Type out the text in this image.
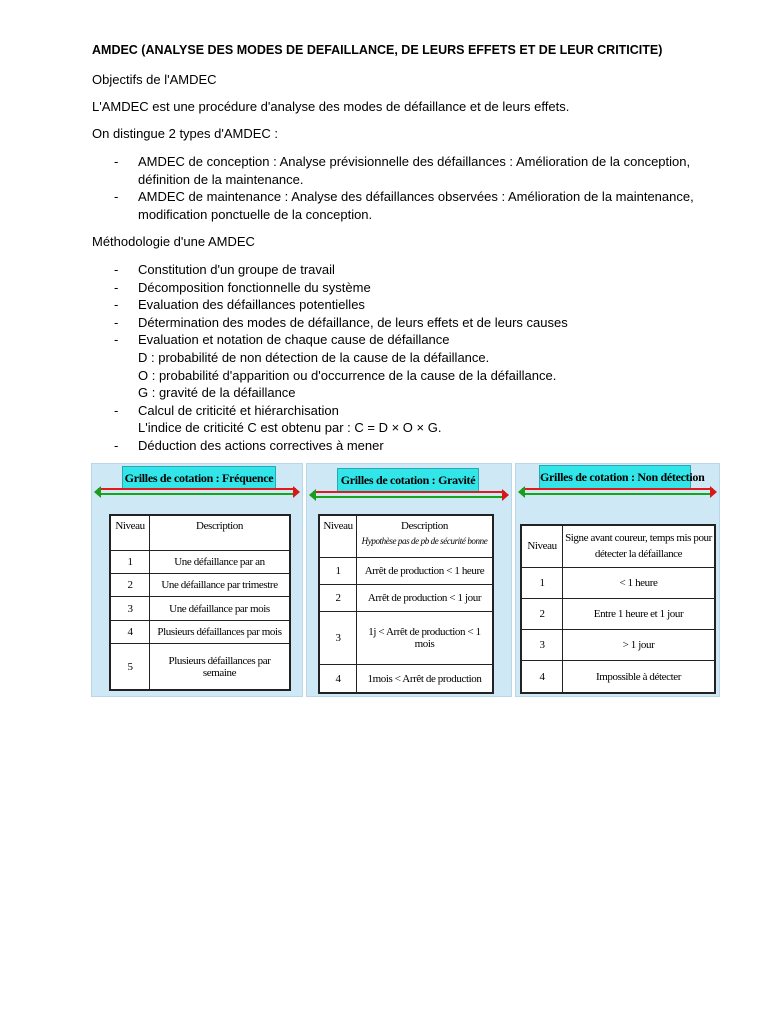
AMDEC (ANALYSE DES MODES DE DEFAILLANCE, DE LEURS EFFETS ET DE LEUR CRITICITE)
Objectifs de l'AMDEC
L'AMDEC est une procédure d'analyse des modes de défaillance et de leurs effets.
On distingue 2 types d'AMDEC :
- AMDEC de conception : Analyse prévisionnelle des défaillances : Amélioration de la conception,
définition de la maintenance.
- AMDEC de maintenance : Analyse des défaillances observées : Amélioration de la maintenance,
modification ponctuelle de la conception.
Méthodologie d'une AMDEC
- Constitution d'un groupe de travail
- Décomposition fonctionnelle du système
- Evaluation des défaillances potentielles
- Détermination des modes de défaillance, de leurs effets et de leurs causes
- Evaluation et notation de chaque cause de défaillance
D : probabilité de non détection de la cause de la défaillance.
O : probabilité d'apparition ou d'occurrence de la cause de la défaillance.
G : gravité de la défaillance
- Calcul de criticité et hiérarchisation
L'indice de criticité C est obtenu par : C = D × O × G.
- Déduction des actions correctives à mener
Grilles de cotation : Fréquence
Niveau	Description
1	Une défaillance par an
2	Une défaillance par trimestre
3	Une défaillance par mois
4	Plusieurs défaillances par mois
5	Plusieurs défaillances par semaine
Grilles de cotation : Gravité
Niveau	Description
Hypothèse pas de pb de sécurité bonne

1	Arrêt de production < 1 heure
2	Arrêt de production < 1 jour
3	1j < Arrêt de production < 1 mois
4	1mois < Arrêt de production
Grilles de cotation : Non détection
Niveau	Signe avant coureur, temps mis pour détecter la défaillance
1	< 1 heure
2	Entre 1 heure et 1 jour
3	> 1 jour
4	Impossible à détecter
